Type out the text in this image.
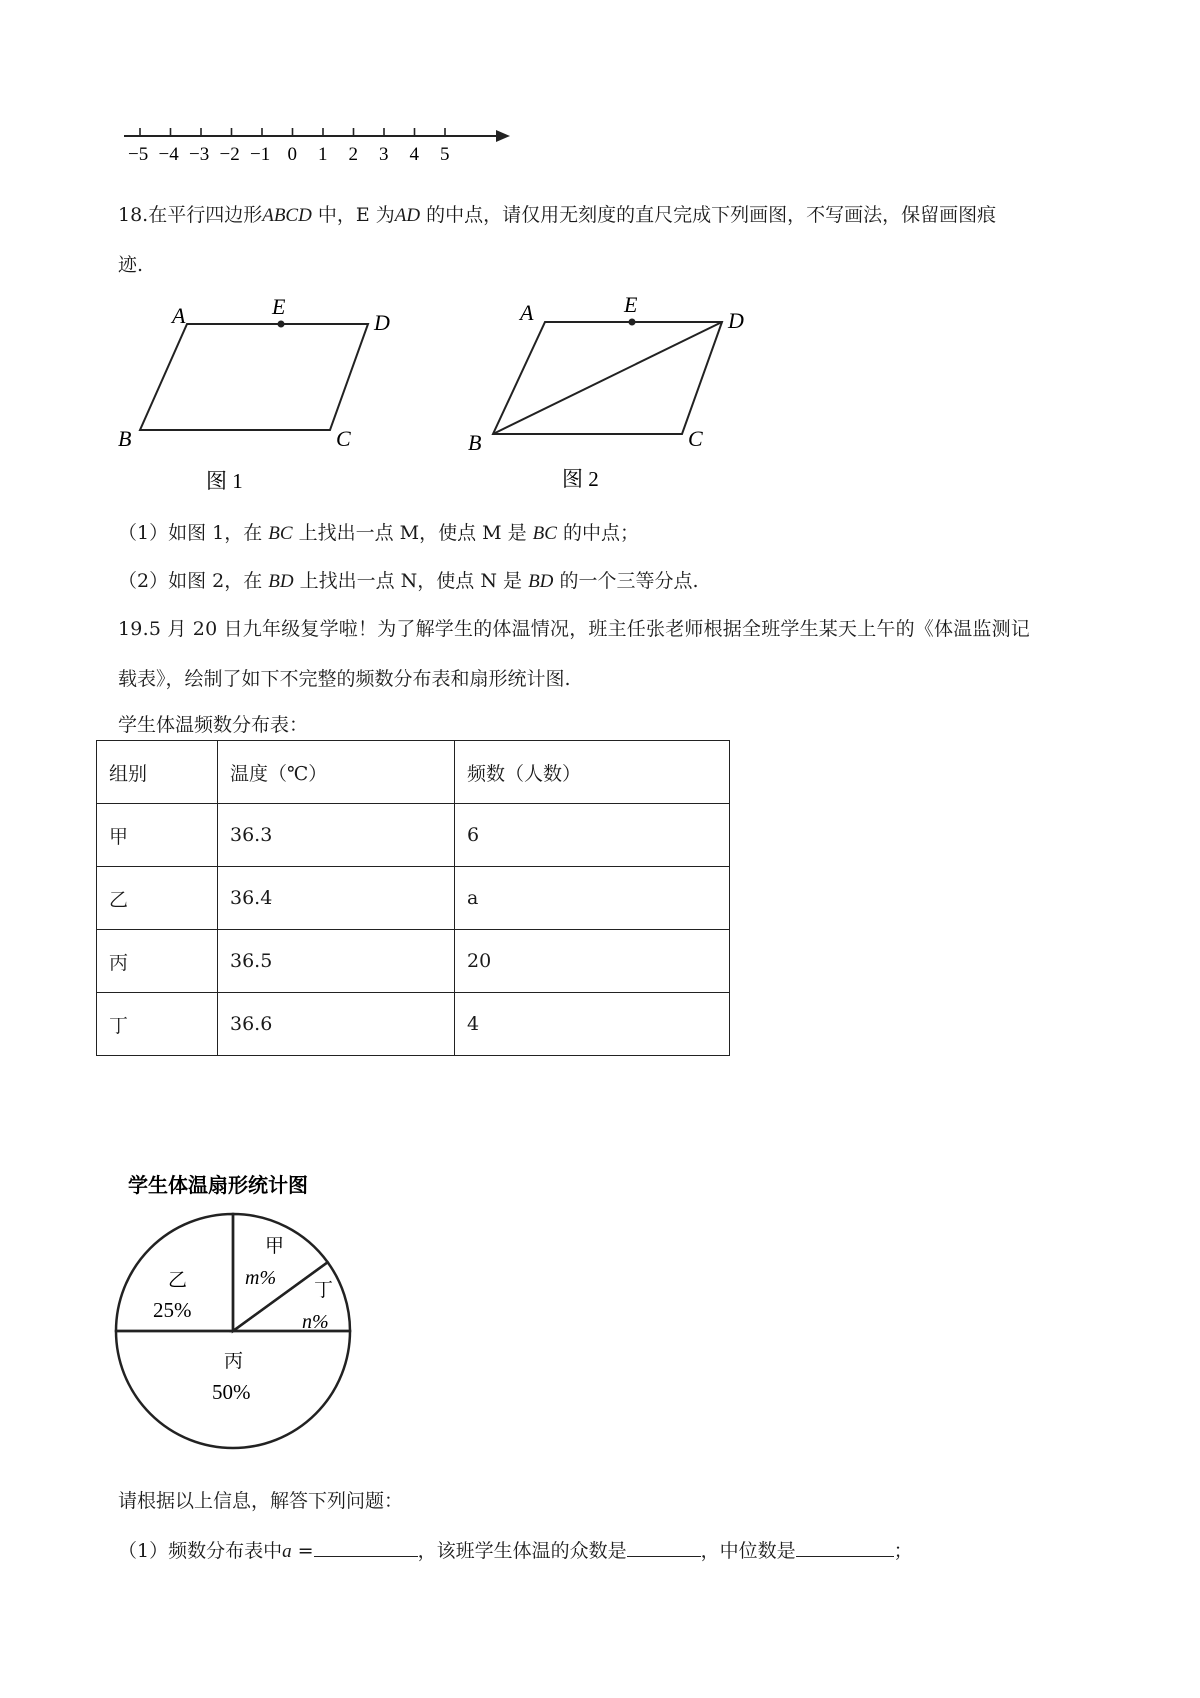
−5 −4 −3 −2 −1 0 1 2 3 4 5
18.在平行四边形ABCD 中，E 为AD 的中点，请仅用无刻度的直尺完成下列画图，不写画法，保留画图痕
迹.
A	E
D
B	C
图 1
A	E
D
B	C
图 2
（1）如图 1，在 BC 上找出一点 M，使点 M 是 BC 的中点；
（2）如图 2，在 BD 上找出一点 N，使点 N 是 BD 的一个三等分点.
19.5 月 20 日九年级复学啦！为了解学生的体温情况，班主任张老师根据全班学生某天上午的《体温监测记
载表》，绘制了如下不完整的频数分布表和扇形统计图.
学生体温频数分布表：
组别	温度（℃）	频数（人数）
甲	36.3	6
乙	36.4	a
丙	36.5	20
丁	36.6	4
学生体温扇形统计图
甲
m%
乙
25%
丁
n%
丙
50%
请根据以上信息，解答下列问题：
（1）频数分布表中a =	，该班学生体温的众数是	，中位数是	；
